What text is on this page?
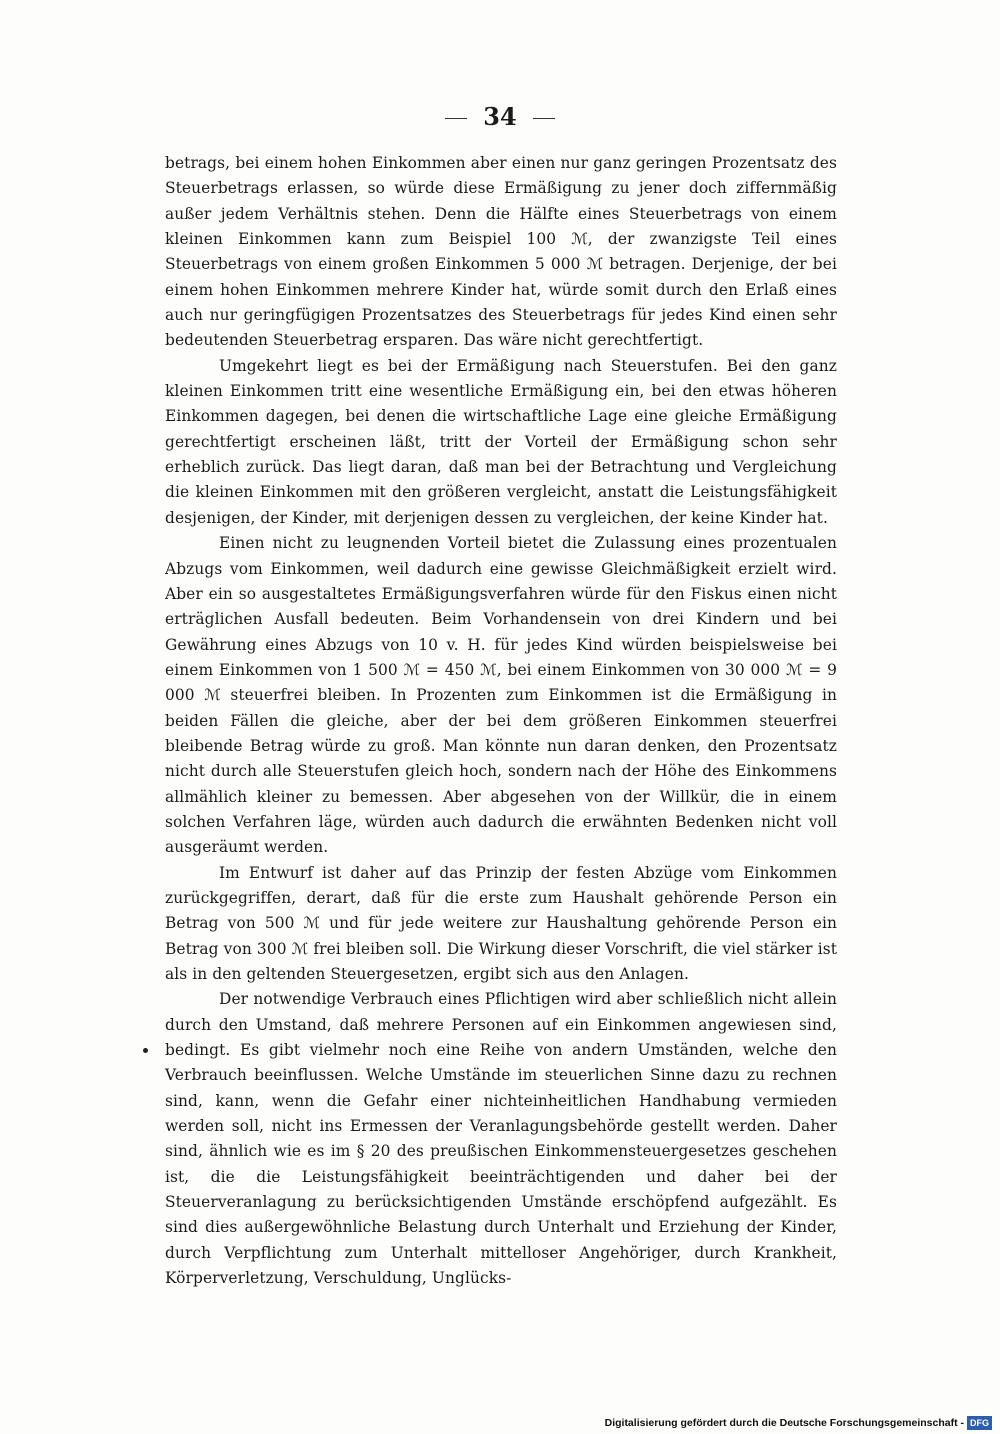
34

betrags, bei einem hohen Einkommen aber einen nur ganz geringen Prozentsatz des Steuerbetrags erlassen, so würde diese Ermäßigung zu jener doch ziffernmäßig außer jedem Verhältnis stehen. Denn die Hälfte eines Steuerbetrags von einem kleinen Einkommen kann zum Beispiel 100 ℳ, der zwanzigste Teil eines Steuerbetrags von einem großen Einkommen 5 000 ℳ betragen. Derjenige, der bei einem hohen Einkommen mehrere Kinder hat, würde somit durch den Erlaß eines auch nur geringfügigen Prozentsatzes des Steuerbetrags für jedes Kind einen sehr bedeutenden Steuerbetrag ersparen. Das wäre nicht gerechtfertigt.

Umgekehrt liegt es bei der Ermäßigung nach Steuerstufen. Bei den ganz kleinen Einkommen tritt eine wesentliche Ermäßigung ein, bei den etwas höheren Einkommen dagegen, bei denen die wirtschaftliche Lage eine gleiche Ermäßigung gerechtfertigt erscheinen läßt, tritt der Vorteil der Ermäßigung schon sehr erheblich zurück. Das liegt daran, daß man bei der Betrachtung und Vergleichung die kleinen Einkommen mit den größeren vergleicht, anstatt die Leistungsfähigkeit desjenigen, der Kinder, mit derjenigen dessen zu vergleichen, der keine Kinder hat.

Einen nicht zu leugnenden Vorteil bietet die Zulassung eines prozentualen Abzugs vom Einkommen, weil dadurch eine gewisse Gleichmäßigkeit erzielt wird. Aber ein so ausgestaltetes Ermäßigungsverfahren würde für den Fiskus einen nicht erträglichen Ausfall bedeuten. Beim Vorhandensein von drei Kindern und bei Gewährung eines Abzugs von 10 v. H. für jedes Kind würden beispielsweise bei einem Einkommen von 1 500 ℳ = 450 ℳ, bei einem Einkommen von 30 000 ℳ = 9 000 ℳ steuerfrei bleiben. In Prozenten zum Einkommen ist die Ermäßigung in beiden Fällen die gleiche, aber der bei dem größeren Einkommen steuerfrei bleibende Betrag würde zu groß. Man könnte nun daran denken, den Prozentsatz nicht durch alle Steuerstufen gleich hoch, sondern nach der Höhe des Einkommens allmählich kleiner zu bemessen. Aber abgesehen von der Willkür, die in einem solchen Verfahren läge, würden auch dadurch die erwähnten Bedenken nicht voll ausgeräumt werden.

Im Entwurf ist daher auf das Prinzip der festen Abzüge vom Einkommen zurückgegriffen, derart, daß für die erste zum Haushalt gehörende Person ein Betrag von 500 ℳ und für jede weitere zur Haushaltung gehörende Person ein Betrag von 300 ℳ frei bleiben soll. Die Wirkung dieser Vorschrift, die viel stärker ist als in den geltenden Steuergesetzen, ergibt sich aus den Anlagen.

Der notwendige Verbrauch eines Pflichtigen wird aber schließlich nicht allein durch den Umstand, daß mehrere Personen auf ein Einkommen angewiesen sind, bedingt. Es gibt vielmehr noch eine Reihe von andern Umständen, welche den Verbrauch beeinflussen. Welche Umstände im steuerlichen Sinne dazu zu rechnen sind, kann, wenn die Gefahr einer nichteinheitlichen Handhabung vermieden werden soll, nicht ins Ermessen der Veranlagungsbehörde gestellt werden. Daher sind, ähnlich wie es im § 20 des preußischen Einkommensteuergesetzes geschehen ist, die die Leistungsfähigkeit beeinträchtigenden und daher bei der Steuerveranlagung zu berücksichtigenden Umstände erschöpfend aufgezählt. Es sind dies außergewöhnliche Belastung durch Unterhalt und Erziehung der Kinder, durch Verpflichtung zum Unterhalt mittelloser Angehöriger, durch Krankheit, Körperverletzung, Verschuldung, Unglücks-

Digitalisierung gefördert durch die Deutsche Forschungsgemeinschaft - DFG
